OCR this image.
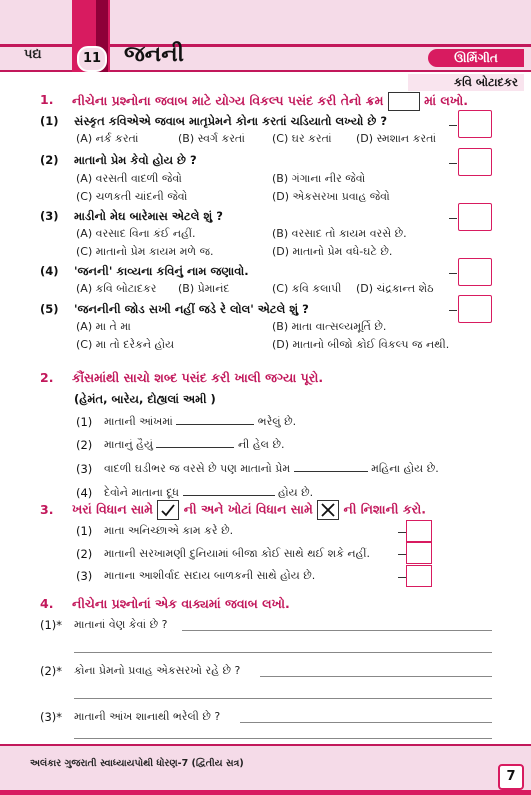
પદ્ય	11 જનની	ઊર્મિગીત
કવિ બોટાદકર
1. નીચેના પ્રશ્નોના જવાબ માટે યોગ્ય વિકલ્પ પસંદ કરી તેનો ક્રમ	માં લખો.
(1) સંસ્કૃત કવિએએ જવાબ માતૃપ્રેમને કોના કરતાં ચડિયાતો લખ્યો છે ?
(A) નર્ક કરતાં	(B) સ્વર્ગ કરતાં (C) ઘર કરતાં (D) સ્મશાન કરતાં
(2) માતાનો પ્રેમ કેવો હોય છે ?
(A) વરસતી વાદળી જેવો	(B) ગંગાના નીર જેવો
(C) ચળકતી ચાંદની જેવો	(D) એકસરખા પ્રવાહ જેવો
(3) માડીનો મેઘ બારેમાસ એટલે શું ?
(A) વરસાદ વિના કંઈ નહીં.	(B) વરસાદ તો કાયમ વરસે છે.
(C) માતાનો પ્રેમ કાયમ મળે જ.	(D) માતાનો પ્રેમ વધે-ઘટે છે.
(4) 'જનની' કાવ્યના કવિનું નામ જણાવો.
(A) કવિ બોટાદકર (B) પ્રેમાનંદ	(C) કવિ કલાપી (D) ચંદ્રકાન્ત શેઠ
(5) 'જનનીની જોડ સખી નહીં જડે રે લોલ' એટલે શું ?
(A) મા તે મા	(B) માતા વાત્સલ્યમૂર્તિ છે.
(C) મા તો દરેકને હોય	(D) માતાનો બીજો કોઈ વિકલ્પ જ નથી.
2. કૌંસમાંથી સાચો શબ્દ પસંદ કરી ખાલી જગ્યા પૂરો.
(હેમંત, બારેય, દોહ્યલાં અમી )
(1) માતાની આંખમાં	ભરેલું છે.
(2) માતાનું હૈયું	ની હેલ છે.
(3) વાદળી ઘડીભર જ વરસે છે પણ માતાનો પ્રેમ	મહિના હોય છે.
(4) દેવોને માતાના દૂધ	હોય છે.
3. ખરાં વિધાન સામે ની અને ખોટાં વિધાન સામે ☒ ની નિશાની કરો.
(1) માતા અનિચ્છાએ કામ કરે છે.
(2) માતાની સરખામણી દુનિયામાં બીજા કોઈ સાથે થઈ શકે નહીં.
(3) માતાના આશીર્વાદ સદાય બાળકની સાથે હોય છે.
4. નીચેના પ્રશ્નોનાં એક વાક્યમાં જવાબ લખો.
(1)* માતાનાં વેણ કેવાં છે ?
(2)* કોના પ્રેમનો પ્રવાહ એકસરખો રહે છે ?
(3)* માતાની આંખ શાનાથી ભરેલી છે ?
અલંકાર ગુજરાતી સ્વાધ્યાયપોથી ધોરણ-7 (દ્વિતીય સત્ર)
7
